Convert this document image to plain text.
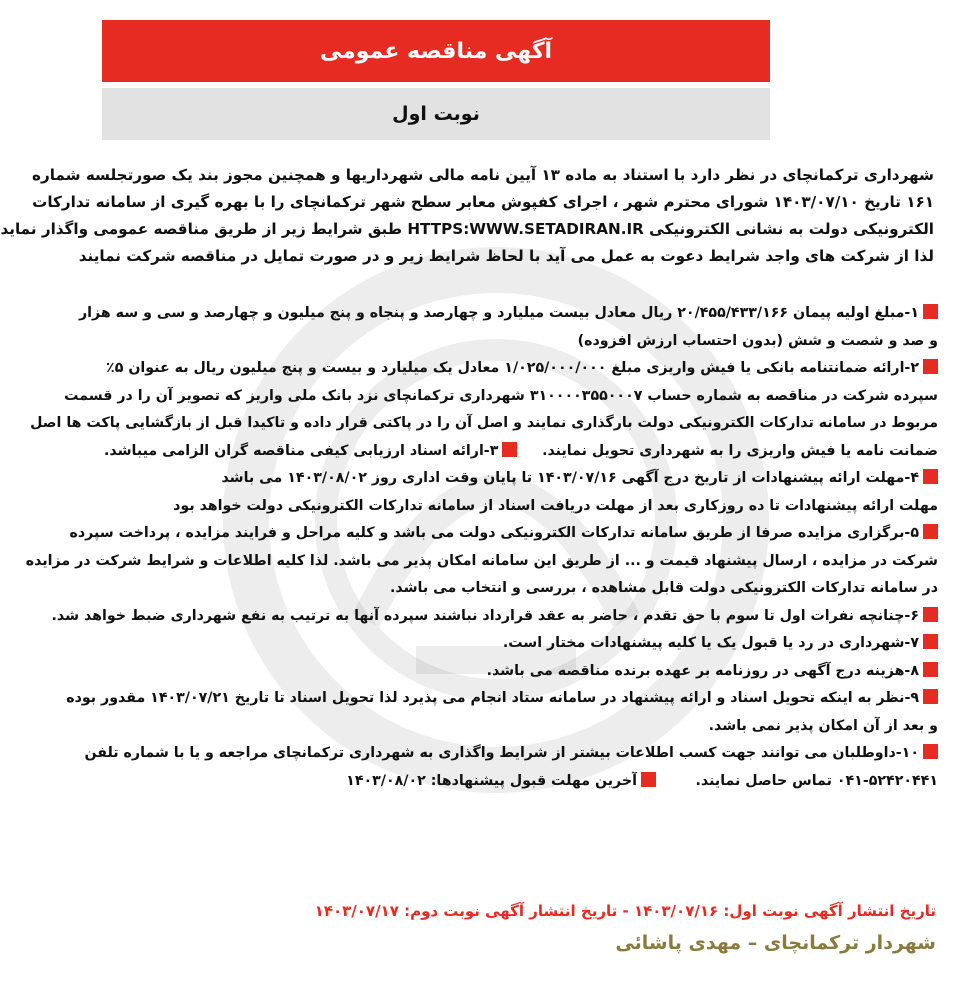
آگهی مناقصه عمومی
نوبت اول

شهرداری ترکمانچای در نظر دارد با استناد به ماده ۱۳ آیین نامه مالی شهرداریها و همچنین مجوز بند یک صورتجلسه شماره

۱۶۱ تاریخ ۱۴۰۳/۰۷/۱۰ شورای محترم شهر ، اجرای کفپوش معابر سطح شهر ترکمانچای را با بهره گیری از سامانه تدارکات

الکترونیکی دولت به نشانی الکترونیکی HTTPS:WWW.SETADIRAN.IR طبق شرایط زیر از طریق مناقصه عمومی واگذار نماید

لذا از شرکت های واجد شرایط دعوت به عمل می آید با لحاظ شرایط زیر و در صورت تمایل در مناقصه شرکت نمایند

۱-مبلغ اولیه پیمان ۲۰/۴۵۵/۴۳۳/۱۶۶ ریال معادل بیست میلیارد و چهارصد و پنجاه و پنج میلیون و چهارصد و سی و سه هزار
و صد و شصت و شش (بدون احتساب ارزش افزوده)
۲-ارائه ضمانتنامه بانکی یا فیش واریزی مبلغ ۱/۰۲۵/۰۰۰/۰۰۰ معادل یک میلیارد و بیست و پنج میلیون ریال به عنوان ۵٪
سپرده شرکت در مناقصه به شماره حساب ۳۱۰۰۰۰۳۵۵۰۰۰۷ شهرداری ترکمانچای نزد بانک ملی واریز که تصویر آن را در قسمت
مربوط در سامانه تدارکات الکترونیکی دولت بارگذاری نمایند و اصل آن را در پاکتی قرار داده و تاکیدا قبل از بازگشایی پاکت ها اصل
ضمانت نامه یا فیش واریزی را به شهرداری تحویل نمایند.     ۳-ارائه اسناد ارزیابی کیفی مناقصه گران الزامی میباشد.
۴-مهلت ارائه پیشنهادات از تاریخ درج آگهی ۱۴۰۳/۰۷/۱۶ تا پایان وقت اداری روز ۱۴۰۳/۰۸/۰۲ می باشد
مهلت ارائه پیشنهادات تا ده روزکاری بعد از مهلت دریافت اسناد از سامانه تدارکات الکترونیکی دولت خواهد بود
۵-برگزاری مزایده صرفا از طریق سامانه تدارکات الکترونیکی دولت می باشد و کلیه مراحل و فرایند مزایده ، پرداخت سپرده
شرکت در مزایده ، ارسال پیشنهاد قیمت و ... از طریق این سامانه امکان پذیر می باشد. لذا کلیه اطلاعات و شرایط شرکت در مزایده
در سامانه تدارکات الکترونیکی دولت قابل مشاهده ، بررسی و انتخاب می باشد.
۶-چنانچه نفرات اول تا سوم با حق تقدم ، حاضر به عقد قرارداد نباشند سپرده آنها به ترتیب به نفع شهرداری ضبط خواهد شد.
۷-شهرداری در رد یا قبول یک یا کلیه پیشنهادات مختار است.
۸-هزینه درج آگهی در روزنامه بر عهده برنده مناقصه می باشد.
۹-نظر به اینکه تحویل اسناد و ارائه پیشنهاد در سامانه ستاد انجام می پذیرد لذا تحویل اسناد تا تاریخ ۱۴۰۳/۰۷/۲۱ مقدور بوده
و بعد از آن امکان پذیر نمی باشد.
۱۰-داوطلبان می توانند جهت کسب اطلاعات بیشتر از شرایط واگذاری به شهرداری ترکمانچای مراجعه و یا با شماره تلفن
۰۴۱-۵۲۴۲۰۴۴۱ تماس حاصل نمایند.        آخرین مهلت قبول پیشنهادها: ۱۴۰۳/۰۸/۰۲
تاریخ انتشار آگهی نوبت اول: ۱۴۰۳/۰۷/۱۶ - تاریخ انتشار آگهی نوبت دوم: ۱۴۰۳/۰۷/۱۷
شهردار ترکمانچای – مهدی پاشائی
